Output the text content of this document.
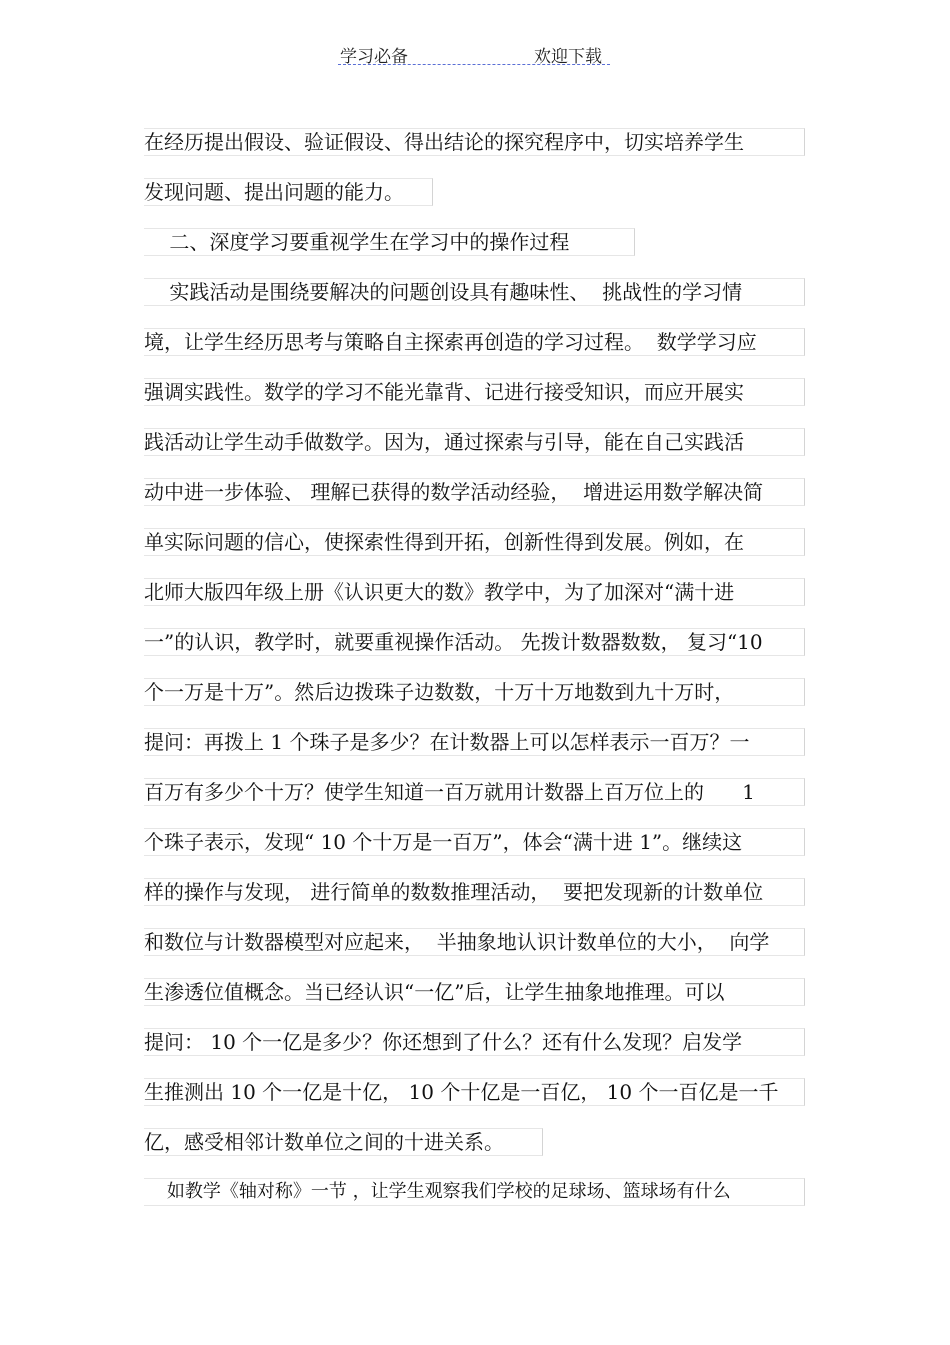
学习必备	欢迎下载
在经历提出假设、验证假设、得出结论的探究程序中，切实培养学生
发现问题、提出问题的能力。
二、深度学习要重视学生在学习中的操作过程
实践活动是围绕要解决的问题创设具有趣味性、  挑战性的学习情
境，让学生经历思考与策略自主探索再创造的学习过程。  数学学习应
强调实践性。数学的学习不能光靠背、记进行接受知识，而应开展实
践活动让学生动手做数学。因为，通过探索与引导，能在自己实践活
动中进一步体验、 理解已获得的数学活动经验，  增进运用数学解决简
单实际问题的信心，使探索性得到开拓，创新性得到发展。例如，在
北师大版四年级上册《认识更大的数》教学中，为了加深对“满十进
一”的认识，教学时，就要重视操作活动。 先拨计数器数数， 复习“10
个一万是十万”。然后边拨珠子边数数，十万十万地数到九十万时，
提问：再拨上 1 个珠子是多少？在计数器上可以怎样表示一百万？一
百万有多少个十万？使学生知道一百万就用计数器上百万位上的      1
个珠子表示，发现“ 10 个十万是一百万”，体会“满十进 1”。继续这
样的操作与发现， 进行简单的数数推理活动，  要把发现新的计数单位
和数位与计数器模型对应起来，  半抽象地认识计数单位的大小，  向学
生渗透位值概念。当已经认识“一亿”后，让学生抽象地推理。可以
提问： 10 个一亿是多少？你还想到了什么？还有什么发现？启发学
生推测出 10 个一亿是十亿， 10 个十亿是一百亿， 10 个一百亿是一千
亿，感受相邻计数单位之间的十进关系。
如教学《轴对称》一节 ，让学生观察我们学校的足球场、篮球场有什么
